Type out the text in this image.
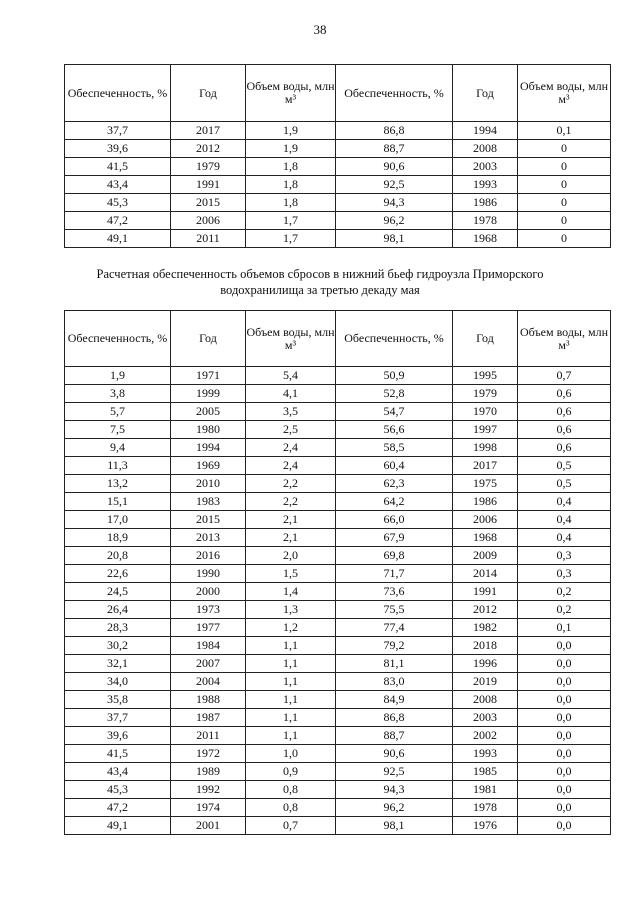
38
Обеспеченность, %	Год	Объем воды, млн м³	Обеспеченность, %	Год	Объем воды, млн м³
37,7	2017	1,9	86,8	1994	0,1
39,6	2012	1,9	88,7	2008	0
41,5	1979	1,8	90,6	2003	0
43,4	1991	1,8	92,5	1993	0
45,3	2015	1,8	94,3	1986	0
47,2	2006	1,7	96,2	1978	0
49,1	2011	1,7	98,1	1968	0
Расчетная обеспеченность объемов сбросов в нижний бьеф гидроузла Приморского водохранилища за третью декаду мая
Обеспеченность, %	Год	Объем воды, млн м³	Обеспеченность, %	Год	Объем воды, млн м³
1,9	1971	5,4	50,9	1995	0,7
3,8	1999	4,1	52,8	1979	0,6
5,7	2005	3,5	54,7	1970	0,6
7,5	1980	2,5	56,6	1997	0,6
9,4	1994	2,4	58,5	1998	0,6
11,3	1969	2,4	60,4	2017	0,5
13,2	2010	2,2	62,3	1975	0,5
15,1	1983	2,2	64,2	1986	0,4
17,0	2015	2,1	66,0	2006	0,4
18,9	2013	2,1	67,9	1968	0,4
20,8	2016	2,0	69,8	2009	0,3
22,6	1990	1,5	71,7	2014	0,3
24,5	2000	1,4	73,6	1991	0,2
26,4	1973	1,3	75,5	2012	0,2
28,3	1977	1,2	77,4	1982	0,1
30,2	1984	1,1	79,2	2018	0,0
32,1	2007	1,1	81,1	1996	0,0
34,0	2004	1,1	83,0	2019	0,0
35,8	1988	1,1	84,9	2008	0,0
37,7	1987	1,1	86,8	2003	0,0
39,6	2011	1,1	88,7	2002	0,0
41,5	1972	1,0	90,6	1993	0,0
43,4	1989	0,9	92,5	1985	0,0
45,3	1992	0,8	94,3	1981	0,0
47,2	1974	0,8	96,2	1978	0,0
49,1	2001	0,7	98,1	1976	0,0
